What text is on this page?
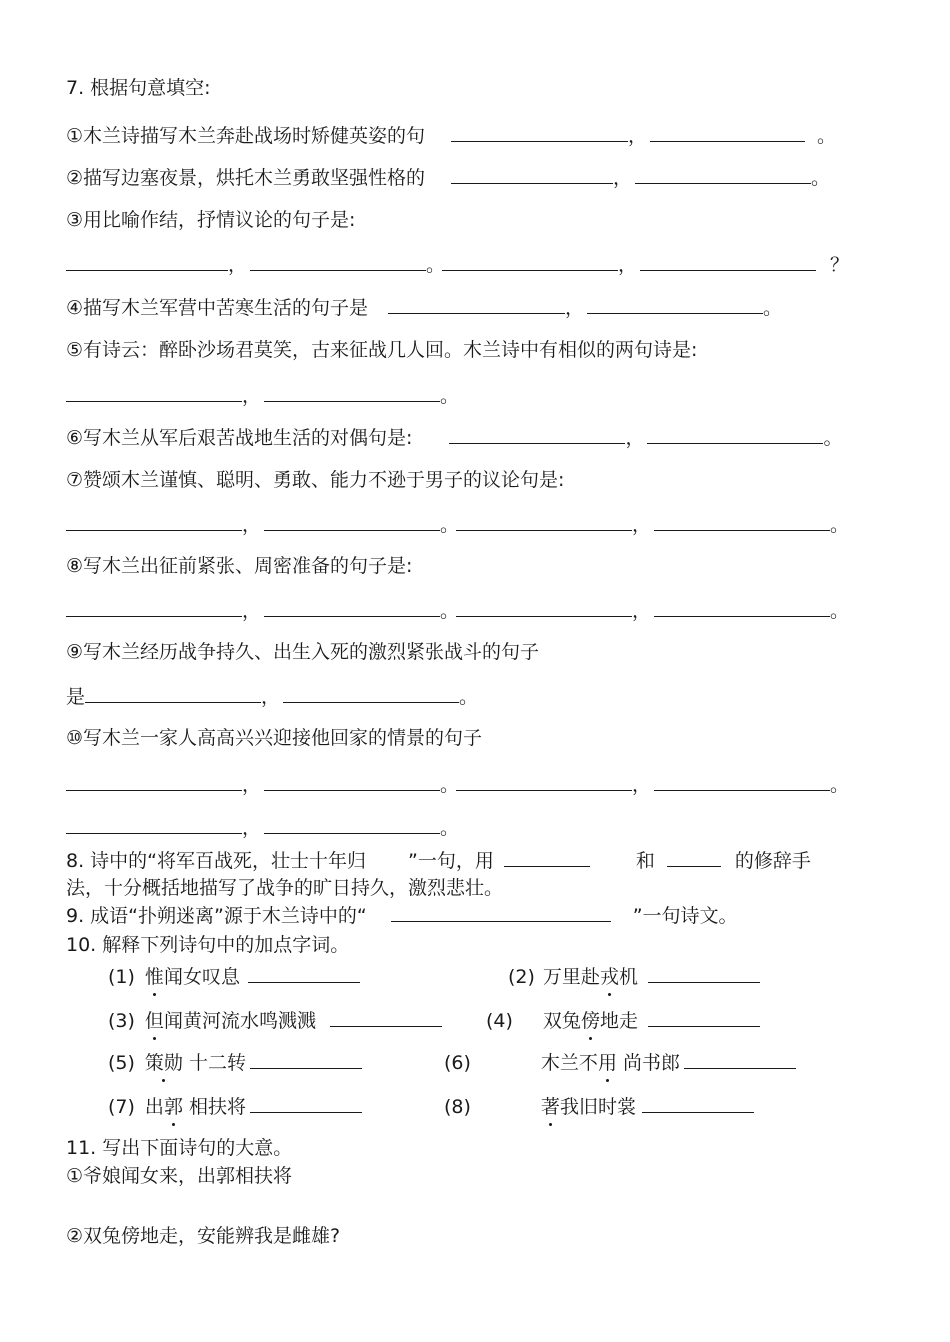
7. 根据句意填空:
①木兰诗描写木兰奔赴战场时矫健英姿的句	，	。
②描写边塞夜景，烘托木兰勇敢坚强性格的	，	。
③用比喻作结，抒情议论的句子是:
，	。	，	？
④描写木兰军营中苦寒生活的句子是	，	。
⑤有诗云：醉卧沙场君莫笑，古来征战几人回。木兰诗中有相似的两句诗是:
，	。
⑥写木兰从军后艰苦战地生活的对偶句是:	，	。
⑦赞颂木兰谨慎、聪明、勇敢、能力不逊于男子的议论句是:
，	。	，	。
⑧写木兰出征前紧张、周密准备的句子是:
，	。	，	。
⑨写木兰经历战争持久、出生入死的激烈紧张战斗的句子
是	，	。
⑩写木兰一家人高高兴兴迎接他回家的情景的句子
，	。	，	。
，	。
8. 诗中的“将军百战死，壮士十年归 ”一句，用	和	的修辞手
法，十分概括地描写了战争的旷日持久，激烈悲壮。
9. 成语“扑朔迷离”源于木兰诗中的“	”一句诗文。
10. 解释下列诗句中的加点字词。
(1) 惟闻女叹息	(2) 万里赴戎机
(3) 但闻黄河流水鸣溅溅	(4) 双兔傍地走
(5) 策勋 十二转	(6)	木兰不用 尚书郎
(7) 出郭 相扶将	(8)	著我旧时裳
11. 写出下面诗句的大意。
①爷娘闻女来，出郭相扶将
②双兔傍地走，安能辨我是雌雄?
